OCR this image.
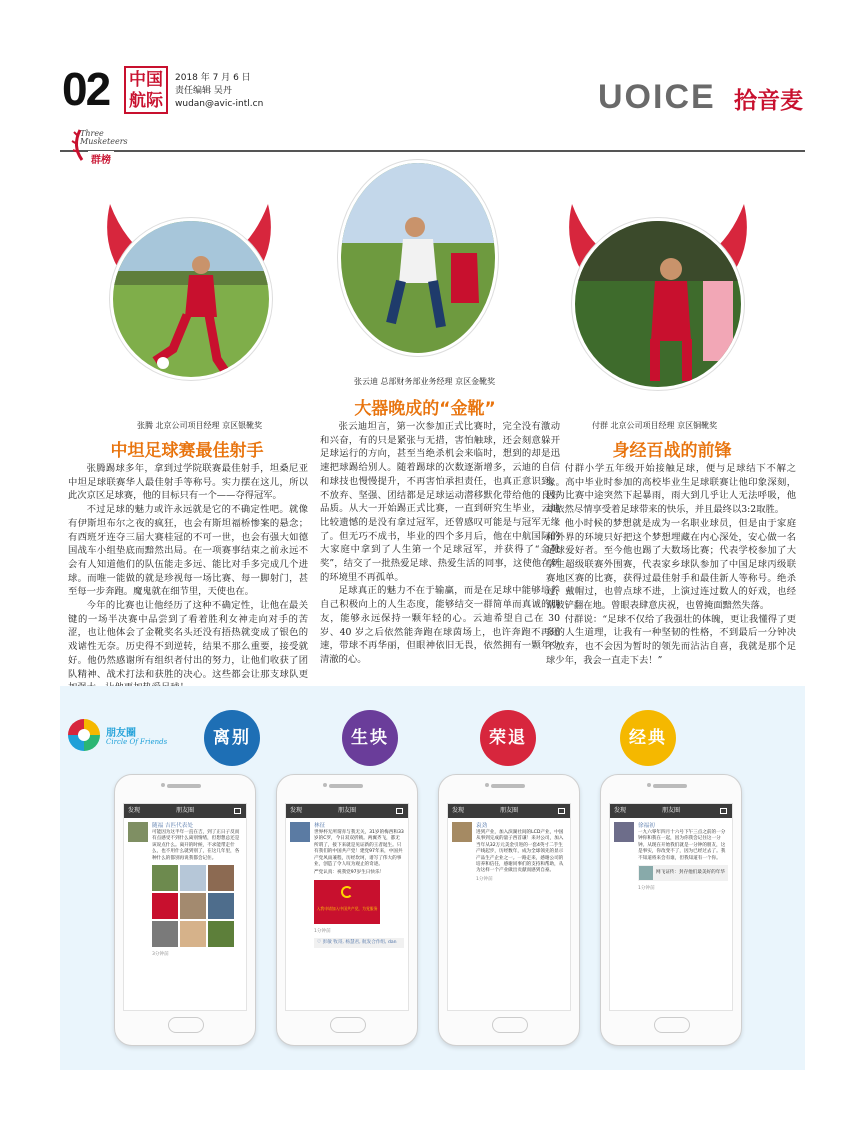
02 中国
航际
2018 年 7 月 6 日
责任编辑 吴丹
wudan@avic-intl.cn	UOICE 拾音麦
Three Musketeers
群榜
张腾 北京公司项目经理 京区银靴奖
中坦足球赛最佳射手

张腾踢球多年，拿到过学院联赛最佳射手，坦桑尼亚中坦足球联赛华人最佳射手等称号。实力摆在这儿，所以此次京区足球赛，他的目标只有一个——夺得冠军。

不过足球的魅力或许永远就是它的不确定性吧。就像有伊斯坦布尔之夜的疯狂，也会有斯坦福桥惨案的悬念；有西班牙连夺三届大赛桂冠的不可一世，也会有强大如德国战车小组垫底而黯然出局。在一项赛事结束之前永远不会有人知道他们的队伍能走多远、能比对手多完成几个进球。而唯一能做的就是珍视每一场比赛、每一脚射门，甚至每一步奔跑。魔鬼就在细节里，天使也在。

今年的比赛也让他经历了这种不确定性，让他在最关键的一场半决赛中品尝到了看着胜利女神走向对手的苦涩，也让他体会了金靴奖名头还没有捂热就变成了银色的戏谑性无奈。历史得不到逆转，结果不那么重要，接受就好。他仍然感谢所有组织者付出的努力，让他们收获了团队精神、战术打法和获胜的决心。这些都会让那支球队更

张云迪 总部财务部业务经理 京区金靴奖
大器晚成的“金靴”

张云迪坦言，第一次参加正式比赛时，完全没有激动和兴奋，有的只是紧张与无措，害怕触球，还会刻意躲开足球运行的方向，甚至当绝杀机会来临时，想到的却是迅速把球踢给别人。随着踢球的次数逐渐增多，云迪的自信和球技也慢慢提升，不再害怕承担责任，也真正意识到，不放弃、坚强、团结都是足球运动潜移默化带给他的良好品质。从大一开始踢正式比赛，一直到研究生毕业，云迪比较遗憾的是没有拿过冠军，还曾感叹可能是与冠军无缘了。但无巧不成书，毕业的四个多月后，他在中航国际的大家庭中拿到了人生第一个足球冠军，并获得了“金靴奖”，结交了一批热爱足球、热爱生活的同事，这使他在新的环境里不再孤单。

足球真正的魅力不在于输赢，而是在足球中能够培养自己积极向上的人生态度，能够结交一群简单而真诚的朋友，能够永远保持一颗年轻的心。云迪希望自己在 30 岁、40 岁之后依然能奔跑在球茵场上，也许奔跑不再迅速，带球不再华丽，但眼神依旧无畏，依然拥有一颗年少清澈的心。

付群 北京公司项目经理 京区铜靴奖
身经百战的前锋

付群小学五年级开始接触足球，便与足球结下不解之缘。高中毕业时参加的高校毕业生足球联赛让他印象深刻，因为比赛中途突然下起暴雨，雨大到几乎让人无法呼吸，他却依然尽情享受着足球带来的快乐，并且最终以3:2取胜。

他小时候的梦想就是成为一名职业球员，但是由于家庭和外界的环境只好把这个梦想埋藏在内心深处，安心做一名足球爱好者。至今他也踢了大数场比赛；代表学校参加了大学生超级联赛外围赛，代表家乡球队参加了中国足球丙级联赛地区赛的比赛，获得过最佳射手和最佳新人等称号。绝杀过，戴帽过，也曾点球不进，上演过连过数人的好戏，也经常被铲翻在地。曾眼表肆意庆祝，也曾掩面黯然失落。

付群说：“足球不仅给了我强壮的体魄，更让我懂得了更多的人生道理，让我有一种坚韧的性格，不到最后一分钟决不放弃，也不会因为暂时的领先而沾沾自喜，我就是那个足球少年，我会一直走下去！”

朋友圈
Circle Of Friends	离别	生块	荣退	经典
发现	朋友圈
随福 吉匹代表处
可能因为这半年一直在吉，到了正日子反而有点感受不到什么离别情绪，但想想总还是该说点什么。离开的时候，不求能带走什么，也不用什么就到别了，在这几年里，各种什么的都别再说我都会记住。
3分钟前
发现	朋友圈
林征
世界杯无所谓赤与我无关，31岁的梅西和33岁的C罗，今日双双折戟。两翼齐飞，都无所谓了，接下来就是见证新的王者诞生。只有我们的中国共产党！建党97年来，中国共产党风雨兼程，历经坎坷，谱写了伟大的事业，创造了令人叹为观止的奇迹。
严党认真：祝我党97岁生日快乐！
入我申请加入中国共产党，为党服务
1分钟前
♡ 彭敏 牧哥, 杨慧君, 航发合作组, dan
发现	朋友圈
袁劲
进到产业，加入滨湖社间的LCD产业，中国从事到完成的量子西首谦！来对公司，加入当年从32万元美金引进的一套4英寸二手生产线起步，历经数年，成为全球领先的显示产品生产企业之一。一路走来，感谢公司的培养和信任，感谢同事们的支持和帮助，从为这样一个产业做出贡献而感到自豪。
1分钟前
发现	朋友圈
徐福初
一九六零年四月十六号下午三点之前的一分钟你和我在一起，因为你我会记住这一分钟。从现在开始我们就是一分钟的朋友，这是事实，你改变不了，因为已经过去了。我不知道将来会有谁，但我知道有一个你。
网飞证传：封存他们最美好的年华
1分钟前
